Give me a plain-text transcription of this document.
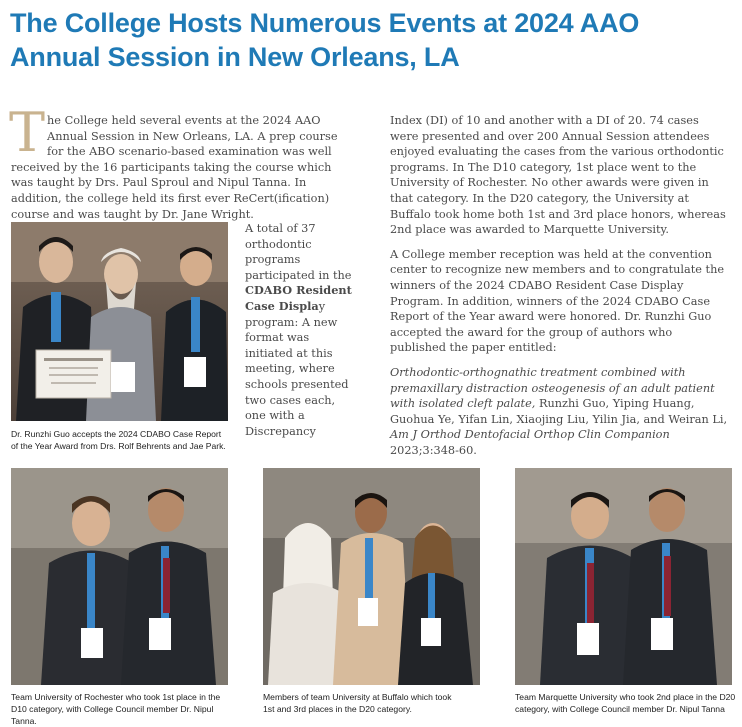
The College Hosts Numerous Events at 2024 AAO Annual Session in New Orleans, LA

The College held several events at the 2024 AAO Annual Session in New Orleans, LA. A prep course for the ABO scenario-based examination was well received by the 16 participants taking the course which was taught by Drs. Paul Sproul and Nipul Tanna. In addition, the college held its first ever ReCert(ification) course and was taught by Dr. Jane Wright.

Dr. Runzhi Guo accepts the 2024 CDABO Case Report of the Year Award from Drs. Rolf Behrents and Jae Park.

A total of 37 orthodontic programs participated in the CDABO Resident Case Display program: A new format was initiated at this meeting, where schools presented two cases each, one with a Discrepancy

Index (DI) of 10 and another with a DI of 20. 74 cases were presented and over 200 Annual Session attendees enjoyed evaluating the cases from the various orthodontic programs. In The D10 category, 1st place went to the University of Rochester. No other awards were given in that category. In the D20 category, the University at Buffalo took home both 1st and 3rd place honors, whereas 2nd place was awarded to Marquette University.

A College member reception was held at the convention center to recognize new members and to congratulate the winners of the 2024 CDABO Resident Case Display Program. In addition, winners of the 2024 CDABO Case Report of the Year award were honored. Dr. Runzhi Guo accepted the award for the group of authors who published the paper entitled:

Orthodontic-orthognathic treatment combined with premaxillary distraction osteogenesis of an adult patient with isolated cleft palate, Runzhi Guo, Yiping Huang, Guohua Ye, Yifan Lin, Xiaojing Liu, Yilin Jia, and Weiran Li, Am J Orthod Dentofacial Orthop Clin Companion 2023;3:348-60.

Team University of Rochester who took 1st place in the D10 category, with College Council member Dr. Nipul Tanna.

Members of team University at Buffalo which took 1st and 3rd places in the D20 category.

Team Marquette University who took 2nd place in the D20 category, with College Council member Dr. Nipul Tanna
